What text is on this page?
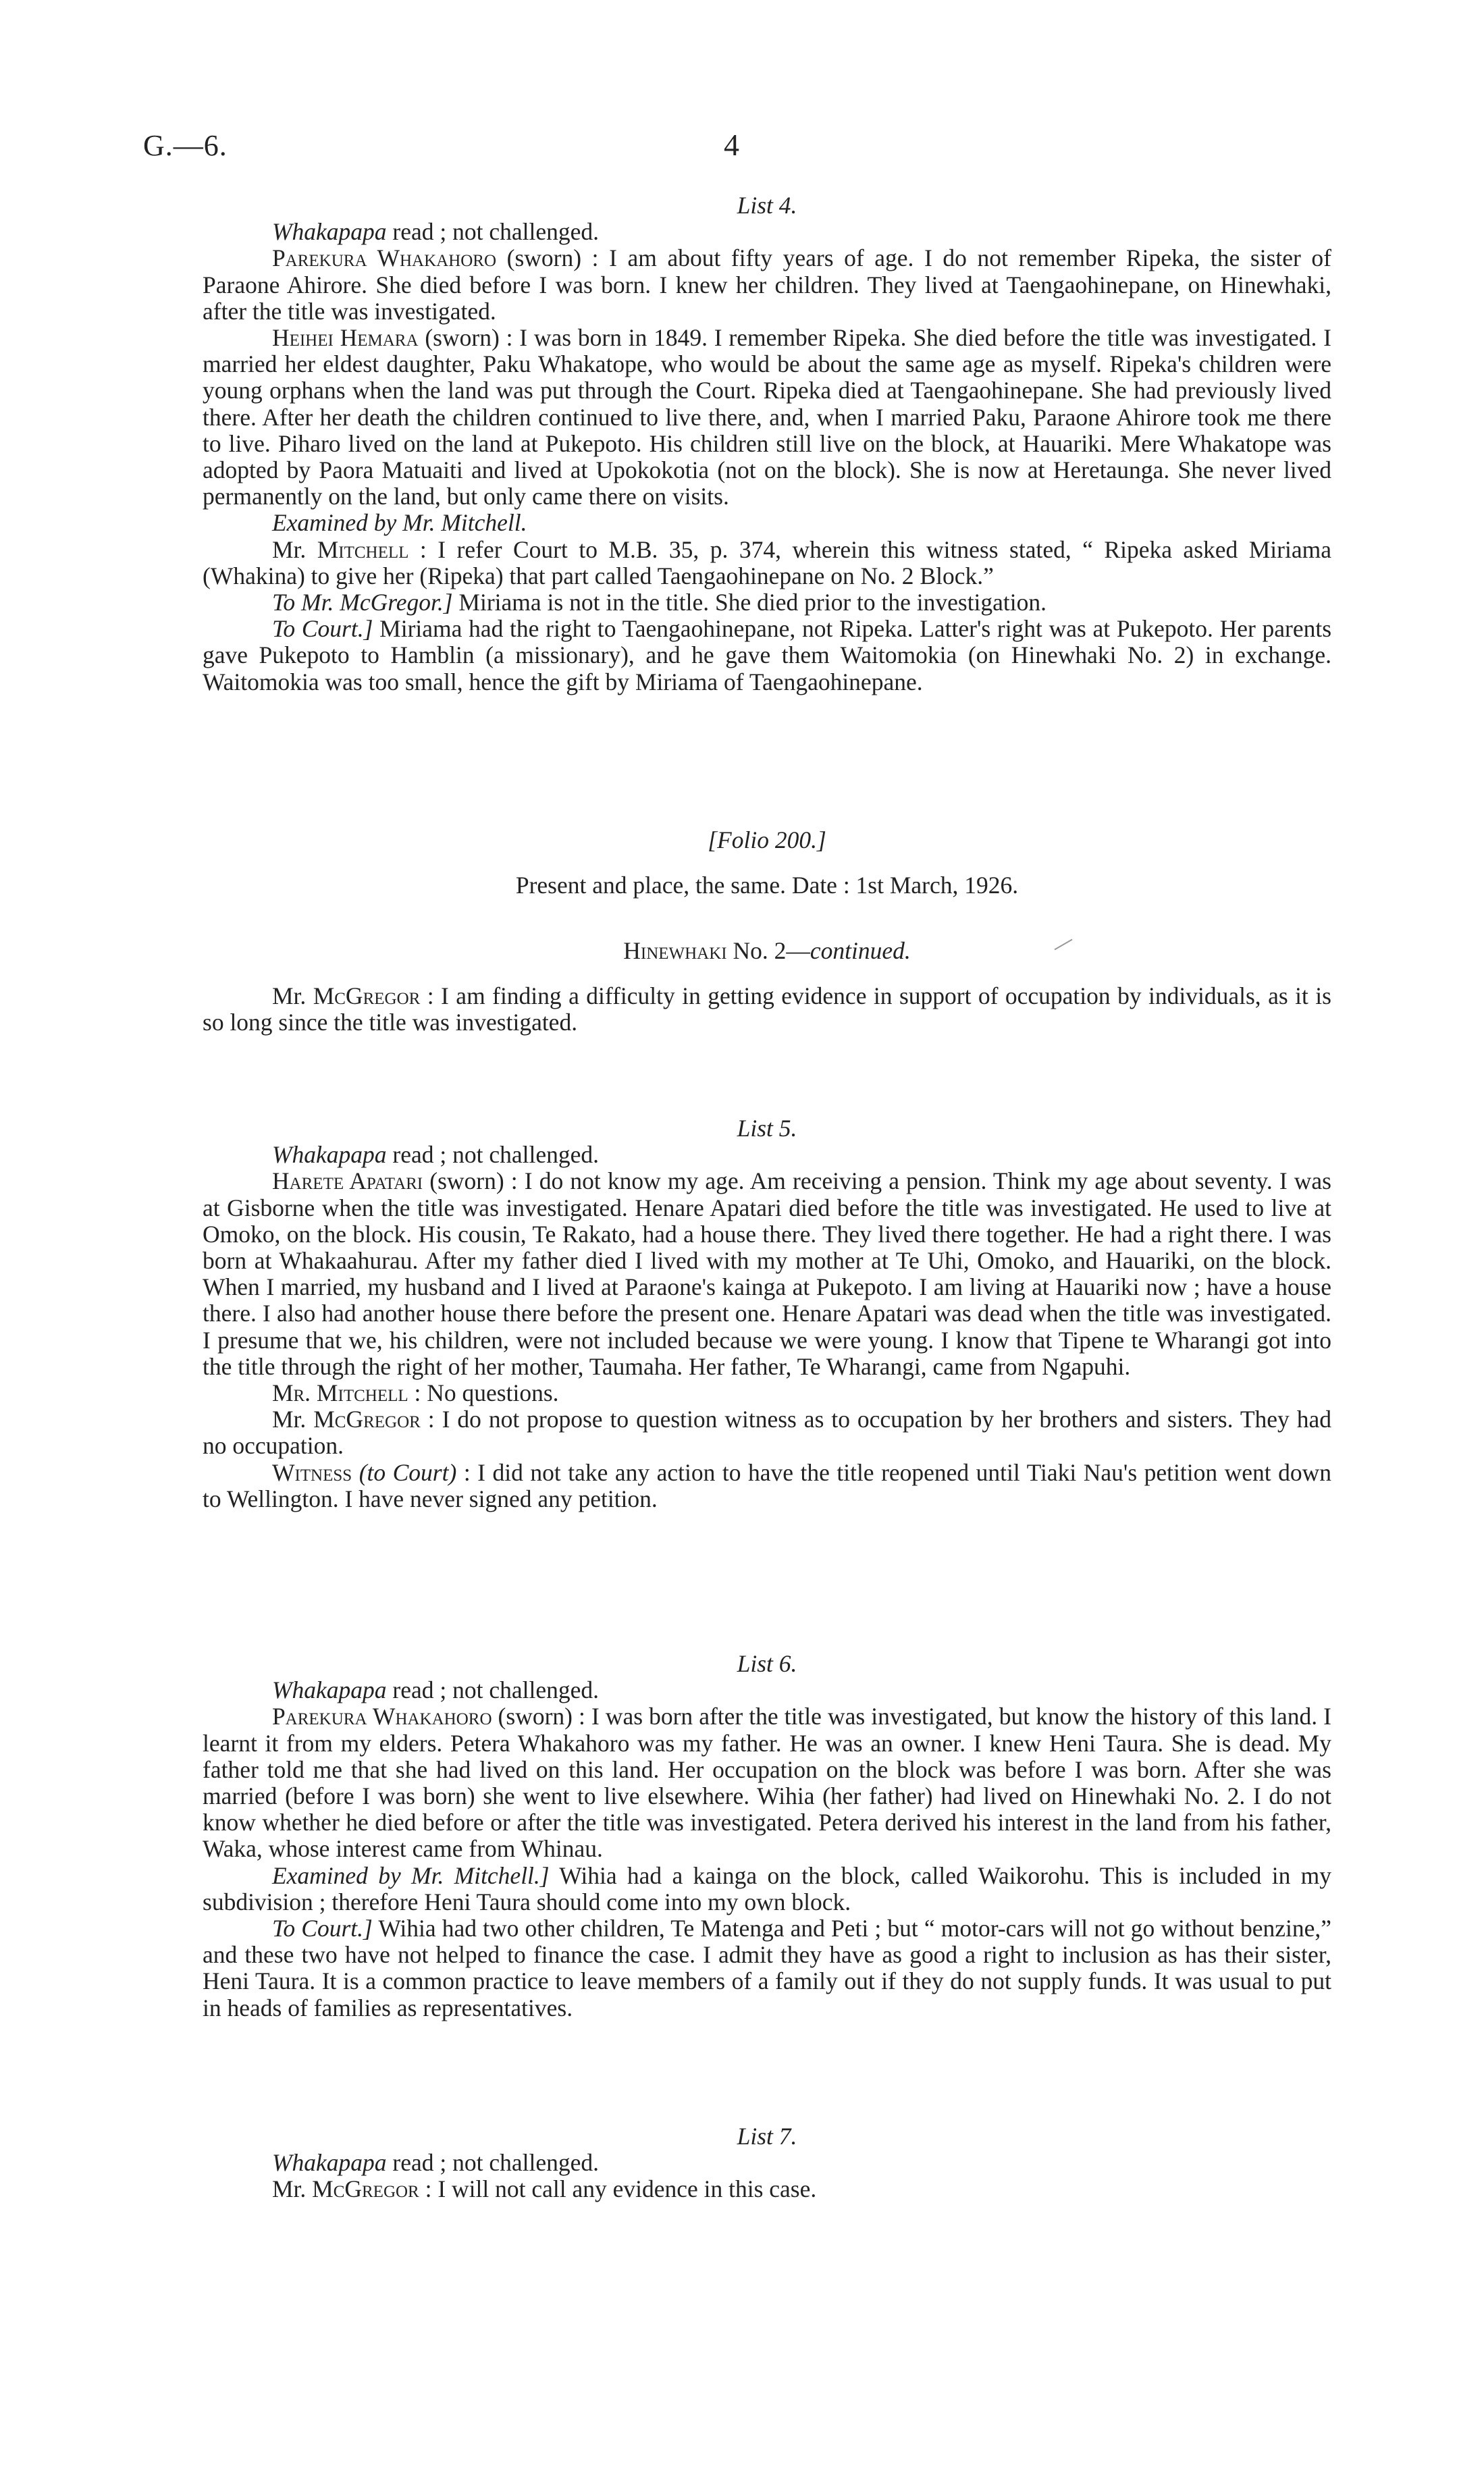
G.—6.	4
List 4.

Whakapapa read ; not challenged.

Parekura Whakahoro (sworn) : I am about fifty years of age. I do not remember Ripeka, the sister of Paraone Ahirore. She died before I was born. I knew her children. They lived at Taengaohinepane, on Hinewhaki, after the title was investigated.

Heihei Hemara (sworn) : I was born in 1849. I remember Ripeka. She died before the title was investigated. I married her eldest daughter, Paku Whakatope, who would be about the same age as myself. Ripeka's children were young orphans when the land was put through the Court. Ripeka died at Taengaohinepane. She had previously lived there. After her death the children continued to live there, and, when I married Paku, Paraone Ahirore took me there to live. Piharo lived on the land at Pukepoto. His children still live on the block, at Hauariki. Mere Whakatope was adopted by Paora Matuaiti and lived at Upokokotia (not on the block). She is now at Heretaunga. She never lived permanently on the land, but only came there on visits.

Examined by Mr. Mitchell.

Mr. Mitchell : I refer Court to M.B. 35, p. 374, wherein this witness stated, “ Ripeka asked Miriama (Whakina) to give her (Ripeka) that part called Taengaohinepane on No. 2 Block.”

To Mr. McGregor.] Miriama is not in the title. She died prior to the investigation.

To Court.] Miriama had the right to Taengaohinepane, not Ripeka. Latter's right was at Pukepoto. Her parents gave Pukepoto to Hamblin (a missionary), and he gave them Waitomokia (on Hinewhaki No. 2) in exchange. Waitomokia was too small, hence the gift by Miriama of Taengaohinepane.

[Folio 200.]
Present and place, the same. Date : 1st March, 1926.
Hinewhaki No. 2—continued.

Mr. McGregor : I am finding a difficulty in getting evidence in support of occupation by individuals, as it is so long since the title was investigated.

List 5.

Whakapapa read ; not challenged.

Harete Apatari (sworn) : I do not know my age. Am receiving a pension. Think my age about seventy. I was at Gisborne when the title was investigated. Henare Apatari died before the title was investigated. He used to live at Omoko, on the block. His cousin, Te Rakato, had a house there. They lived there together. He had a right there. I was born at Whakaahurau. After my father died I lived with my mother at Te Uhi, Omoko, and Hauariki, on the block. When I married, my husband and I lived at Paraone's kainga at Pukepoto. I am living at Hauariki now ; have a house there. I also had another house there before the present one. Henare Apatari was dead when the title was investigated. I presume that we, his children, were not included because we were young. I know that Tipene te Wharangi got into the title through the right of her mother, Taumaha. Her father, Te Wharangi, came from Ngapuhi.

Mr. Mitchell : No questions.

Mr. McGregor : I do not propose to question witness as to occupation by her brothers and sisters. They had no occupation.

Witness (to Court) : I did not take any action to have the title reopened until Tiaki Nau's petition went down to Wellington. I have never signed any petition.

List 6.

Whakapapa read ; not challenged.

Parekura Whakahoro (sworn) : I was born after the title was investigated, but know the history of this land. I learnt it from my elders. Petera Whakahoro was my father. He was an owner. I knew Heni Taura. She is dead. My father told me that she had lived on this land. Her occupation on the block was before I was born. After she was married (before I was born) she went to live elsewhere. Wihia (her father) had lived on Hinewhaki No. 2. I do not know whether he died before or after the title was investigated. Petera derived his interest in the land from his father, Waka, whose interest came from Whinau.

Examined by Mr. Mitchell.] Wihia had a kainga on the block, called Waikorohu. This is included in my subdivision ; therefore Heni Taura should come into my own block.

To Court.] Wihia had two other children, Te Matenga and Peti ; but “ motor-cars will not go without benzine,” and these two have not helped to finance the case. I admit they have as good a right to inclusion as has their sister, Heni Taura. It is a common practice to leave members of a family out if they do not supply funds. It was usual to put in heads of families as representatives.

List 7.

Whakapapa read ; not challenged.

Mr. McGregor : I will not call any evidence in this case.
